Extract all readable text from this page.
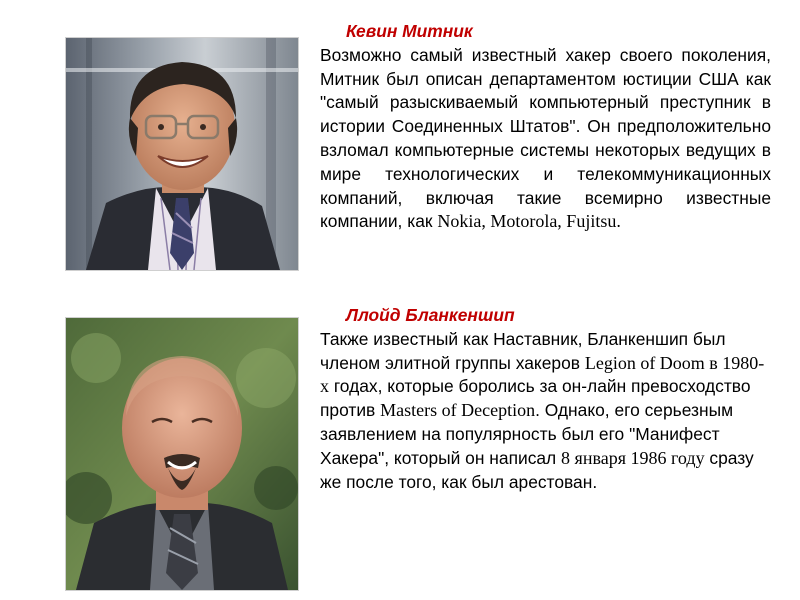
Кевин Митник

Возможно самый известный хакер своего поколения, Митник был описан департаментом юстиции США как "самый разыскиваемый компьютерный преступник в истории Соединенных Штатов". Он предположительно взломал компьютерные системы некоторых ведущих в мире технологических и телекоммуникационных компаний, включая такие всемирно известные компании, как Nokia, Motorola, Fujitsu.

Ллойд Бланкеншип

Также известный как Наставник, Бланкеншип был членом элитной группы хакеров Legion of Doom в 1980-х годах, которые боролись за он-лайн превосходство против Masters of Deception. Однако, его серьезным заявлением на популярность был его "Манифест Хакера", который он написал 8 января 1986 году сразу же после того, как был арестован.
